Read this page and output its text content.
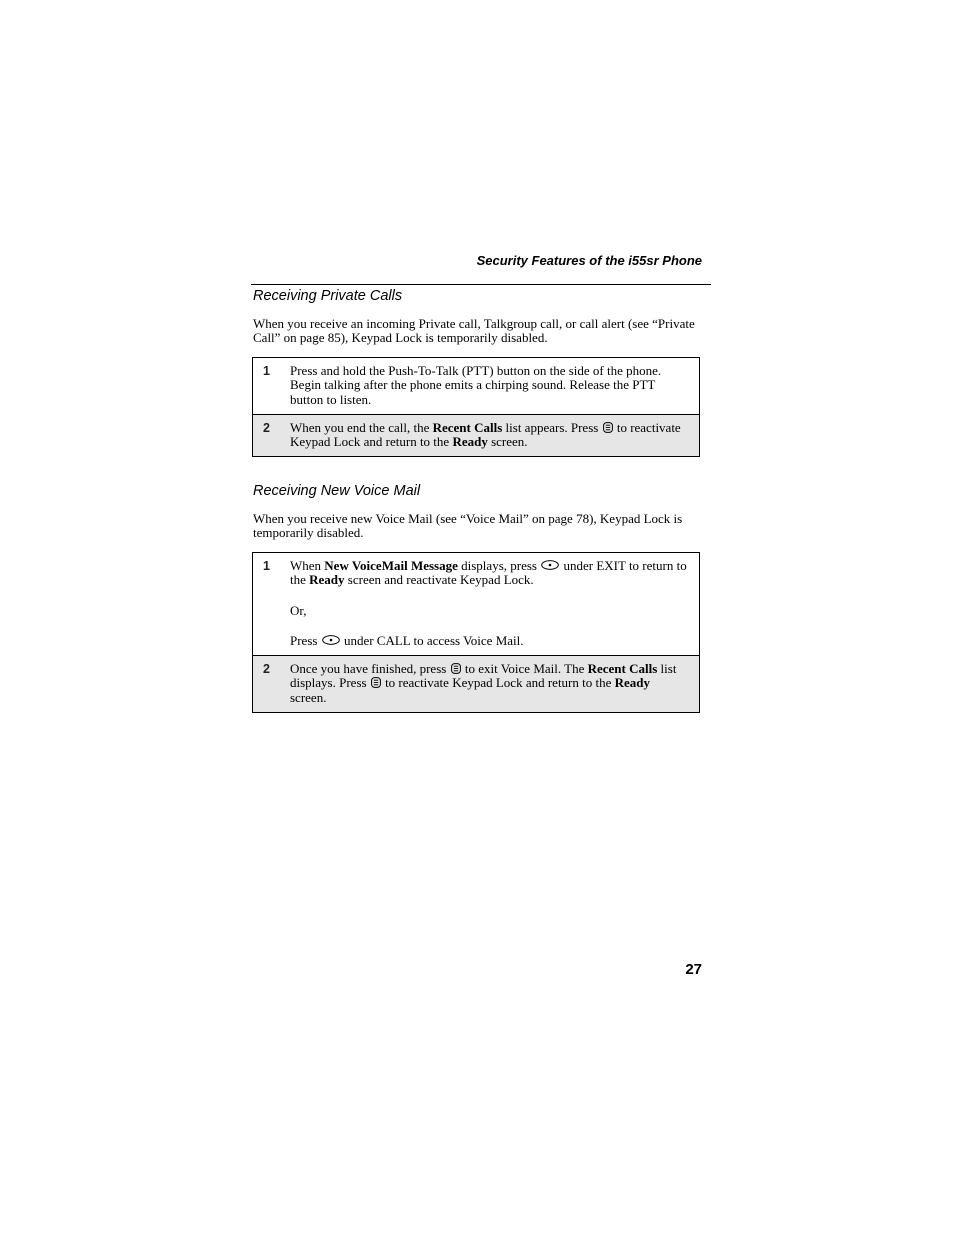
Security Features of the i55sr Phone
Receiving Private Calls

When you receive an incoming Private call, Talkgroup call, or call alert (see “Private Call” on page 85), Keypad Lock is temporarily disabled.

1	Press and hold the Push-To-Talk (PTT) button on the side of the phone. Begin talking after the phone emits a chirping sound. Release the PTT button to listen.

2	When you end the call, the Recent Calls list appears. Press  to reactivate Keypad Lock and return to the Ready screen.

Receiving New Voice Mail

When you receive new Voice Mail (see “Voice Mail” on page 78), Keypad Lock is temporarily disabled.

1	When New VoiceMail Message displays, press  under EXIT to return to the Ready screen and reactivate Keypad Lock.

Or,

Press  under CALL to access Voice Mail.

2	Once you have finished, press  to exit Voice Mail. The Recent Calls list displays. Press  to reactivate Keypad Lock and return to the Ready screen.

27
